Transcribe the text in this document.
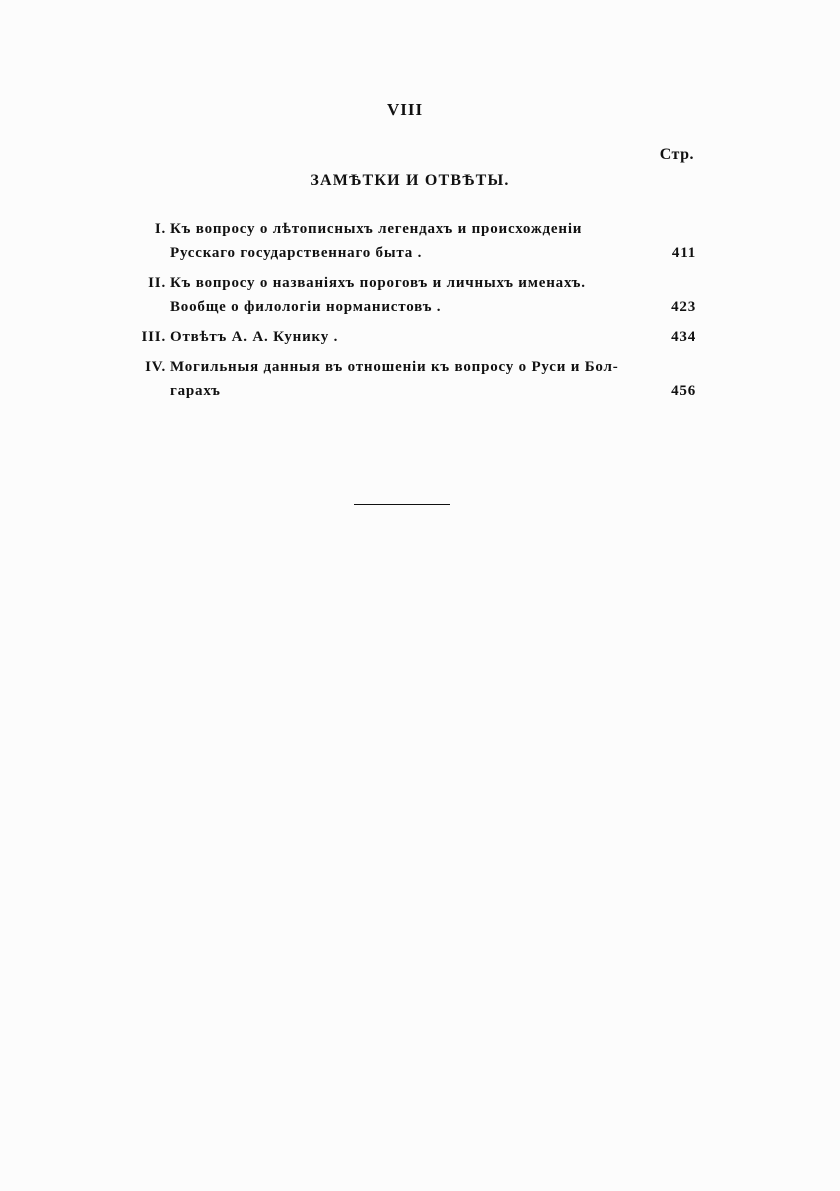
VIII
Стр.
ЗАМѢТКИ И ОТВѢТЫ.
I. Къ вопросу о лѣтописныхъ легендахъ и происхожденіи
Русскаго государственнаго быта .	411
II. Къ вопросу о названіяхъ пороговъ и личныхъ именахъ.
Вообще о филологіи норманистовъ .	423
III. Отвѣтъ А. А. Кунику .	434
IV. Могильныя данныя въ отношеніи къ вопросу о Руси и Бол-
гарахъ	456
